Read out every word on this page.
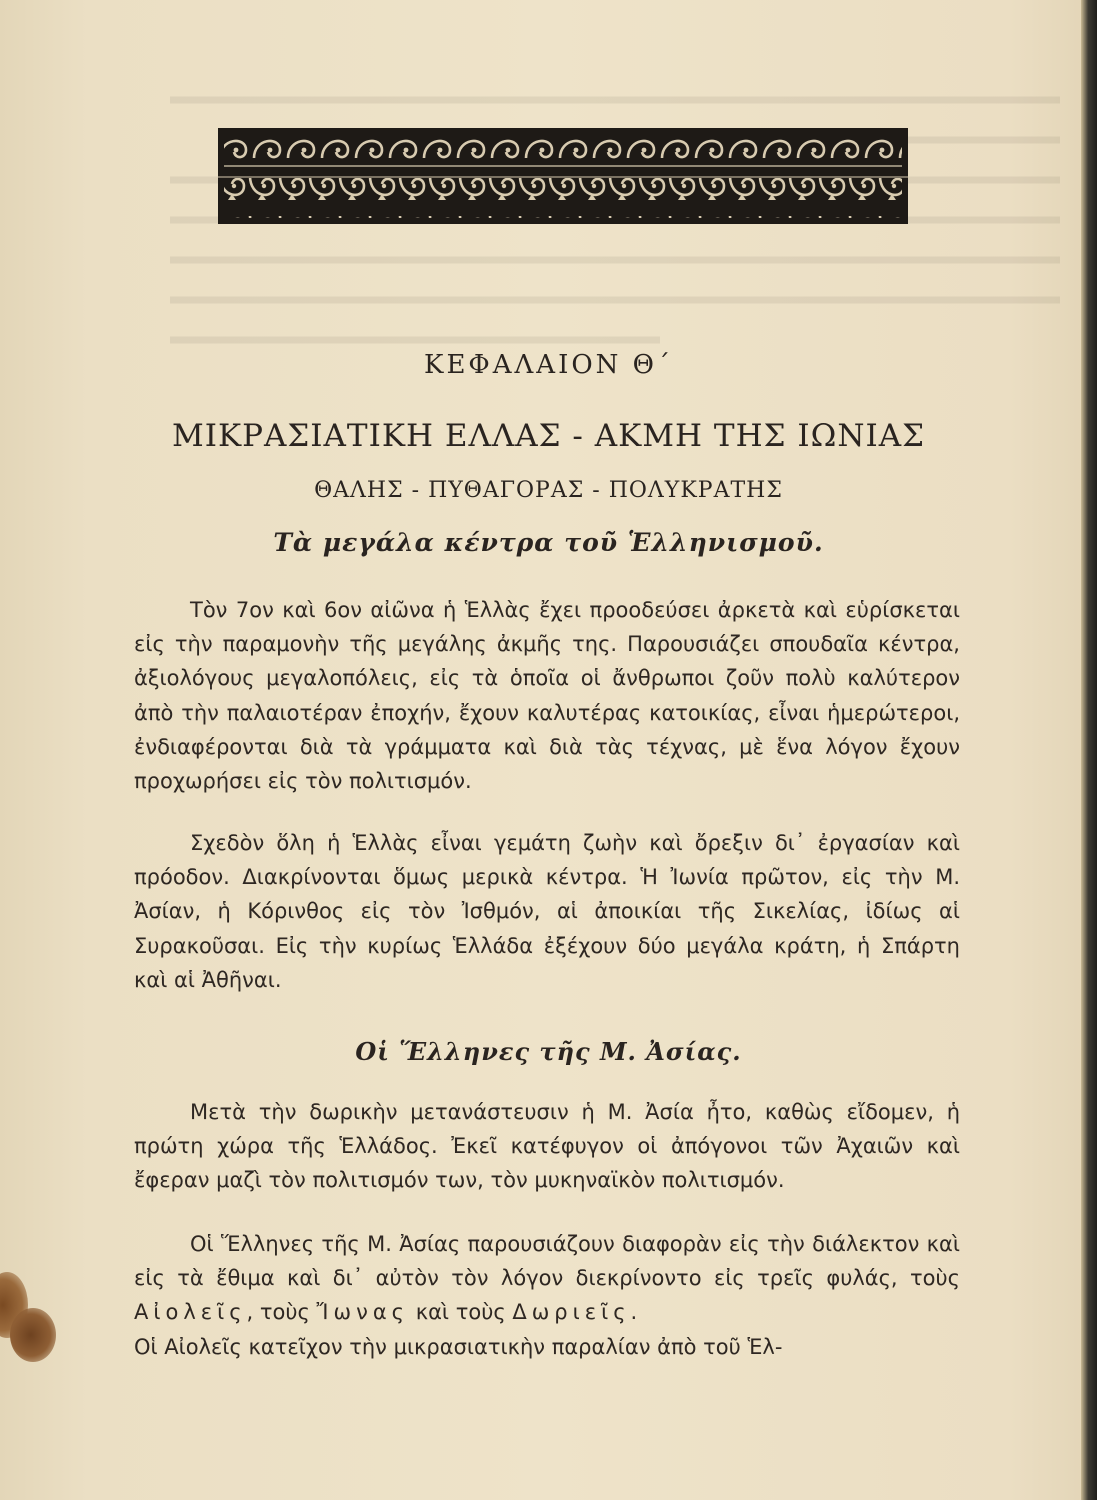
ΚΕΦΑΛΑΙΟΝ Θ΄
ΜΙΚΡΑΣΙΑΤΙΚΗ ΕΛΛΑΣ - ΑΚΜΗ ΤΗΣ ΙΩΝΙΑΣ
ΘΑΛΗΣ - ΠΥΘΑΓΟΡΑΣ - ΠΟΛΥΚΡΑΤΗΣ
Τὰ μεγάλα κέντρα τοῦ Ἑλληνισμοῦ.

Τὸν 7ον καὶ 6ον αἰῶνα ἡ Ἑλλὰς ἔχει προοδεύσει ἀρκετὰ καὶ εὑρίσκεται εἰς τὴν παραμονὴν τῆς μεγάλης ἀκμῆς της. Παρουσιάζει σπουδαῖα κέντρα, ἀξιολόγους μεγαλοπόλεις, εἰς τὰ ὁποῖα οἱ ἄνθρωποι ζοῦν πολὺ καλύτερον ἀπὸ τὴν παλαιοτέραν ἐποχήν, ἔχουν καλυτέρας κατοικίας, εἶναι ἡμερώτεροι, ἐνδιαφέρονται διὰ τὰ γράμματα καὶ διὰ τὰς τέχνας, μὲ ἕνα λόγον ἔχουν προχωρήσει εἰς τὸν πολιτισμόν.

Σχεδὸν ὅλη ἡ Ἑλλὰς εἶναι γεμάτη ζωὴν καὶ ὄρεξιν δι᾽ ἐργασίαν καὶ πρόοδον. Διακρίνονται ὅμως μερικὰ κέντρα. Ἡ Ἰωνία πρῶτον, εἰς τὴν Μ. Ἀσίαν, ἡ Κόρινθος εἰς τὸν Ἰσθμόν, αἱ ἀποικίαι τῆς Σικελίας, ἰδίως αἱ Συρακοῦσαι. Εἰς τὴν κυρίως Ἑλλάδα ἐξέχουν δύο μεγάλα κράτη, ἡ Σπάρτη καὶ αἱ Ἀθῆναι.

Οἱ Ἕλληνες τῆς Μ. Ἀσίας.

Μετὰ τὴν δωρικὴν μετανάστευσιν ἡ Μ. Ἀσία ἦτο, καθὼς εἴδομεν, ἡ πρώτη χώρα τῆς Ἑλλάδος. Ἐκεῖ κατέφυγον οἱ ἀπόγονοι τῶν Ἀχαιῶν καὶ ἔφεραν μαζὶ τὸν πολιτισμόν των, τὸν μυκηναϊκὸν πολιτισμόν.

Οἱ Ἕλληνες τῆς Μ. Ἀσίας παρουσιάζουν διαφορὰν εἰς τὴν διάλεκτον καὶ εἰς τὰ ἔθιμα καὶ δι᾽ αὐτὸν τὸν λόγον διεκρίνοντο εἰς τρεῖς φυλάς, τοὺς Αἰολεῖς, τοὺς Ἴωνας καὶ τοὺς Δωριεῖς.
Οἱ Αἰολεῖς κατεῖχον τὴν μικρασιατικὴν παραλίαν ἀπὸ τοῦ Ἑλ-
